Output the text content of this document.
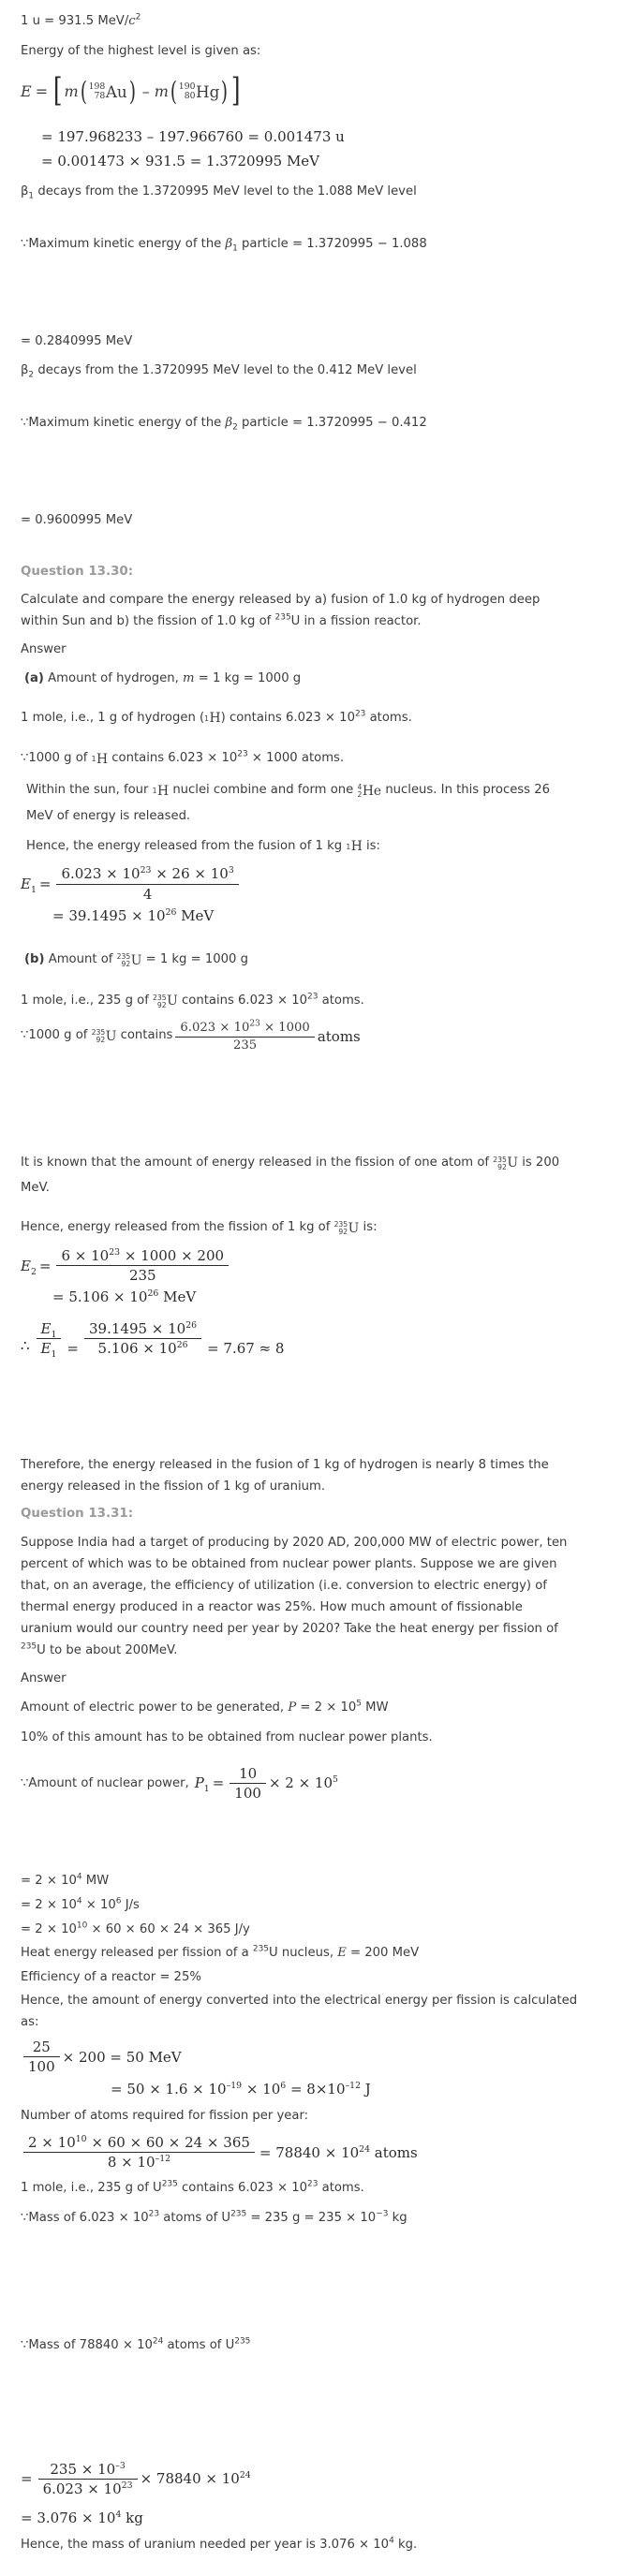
1 u = 931.5 MeV/$c^2$
Energy of the highest level is given as:
E = [ m ( 198
78 Au ) – m ( 190
80 Hg ) ]
= 197.968233 – 197.966760 = 0.001473 u
= 0.001473 × 931.5 = 1.3720995 MeV
$\beta_1$ decays from the 1.3720995 MeV level to the 1.088 MeV level
∵Maximum kinetic energy of the $\beta_1$ particle = 1.3720995 − 1.088
= 0.2840995 MeV
$\beta_2$ decays from the 1.3720995 MeV level to the 0.412 MeV level
∵Maximum kinetic energy of the $\beta_2$ particle = 1.3720995 − 0.412
= 0.9600995 MeV
Question 13.30:
Calculate and compare the energy released by a) fusion of 1.0 kg of hydrogen deep
within Sun and b) the fission of 1.0 kg of $^{235}$U in a fission reactor.
Answer
(a) Amount of hydrogen, m = 1 kg = 1000 g
1 mole, i.e., 1 g of hydrogen ( 1 H) contains $6.023 \times 10^{23}$ atoms.
∵1000 g of 1 H contains $6.023 \times 10^{23} \times 1000$ atoms.
Within the sun, four 1 H nuclei combine and form one 4
2 He nucleus. In this process 26
MeV of energy is released.
Hence, the energy released from the fusion of 1 kg 1 H is:
$E_1 = \frac{6.023 \times 10^{23} \times 26 \times 10^3}{4}$
= $39.1495 \times 10^{26}$ MeV
(b) Amount of 235
92 U = 1 kg = 1000 g
1 mole, i.e., 235 g of 235
92 U contains $6.023 \times 10^{23}$ atoms.
∵1000 g of 235
92 U contains $\frac{6.023 \times 10^{23} \times 1000}{235}$ atoms
It is known that the amount of energy released in the fission of one atom of 235
92 U is 200
MeV.
Hence, energy released from the fission of 1 kg of 235
92 U is:
$E_2 = \frac{6 \times 10^{23} \times 1000 \times 200}{235}$
= $5.106 \times 10^{26}$ MeV
∴ $\frac{E_1}{E_1} = \frac{39.1495 \times 10^{26}}{5.106 \times 10^{26}} = 7.67 \approx 8$
Therefore, the energy released in the fusion of 1 kg of hydrogen is nearly 8 times the
energy released in the fission of 1 kg of uranium.
Question 13.31:
Suppose India had a target of producing by 2020 AD, 200,000 MW of electric power, ten
percent of which was to be obtained from nuclear power plants. Suppose we are given
that, on an average, the efficiency of utilization (i.e. conversion to electric energy) of
thermal energy produced in a reactor was 25%. How much amount of fissionable
uranium would our country need per year by 2020? Take the heat energy per fission of
$^{235}$U to be about 200MeV.
Answer
Amount of electric power to be generated, $P = 2 \times 10^5$ MW
10% of this amount has to be obtained from nuclear power plants.
∵Amount of nuclear power, $P_1 = \frac{10}{100} \times 2 \times 10^5$
= $2 \times 10^4$ MW
= $2 \times 10^4 \times 10^6$ J/s
= $2 \times 10^{10} \times 60 \times 60 \times 24 \times 365$ J/y
Heat energy released per fission of a $^{235}$U nucleus, E = 200 MeV
Efficiency of a reactor = 25%
Hence, the amount of energy converted into the electrical energy per fission is calculated
as:
$\frac{25}{100} \times 200 = 50$ MeV
= $50 \times 1.6 \times 10^{-19} \times 10^6 = 8\times 10^{-12}$ J
Number of atoms required for fission per year:
$\frac{2 \times 10^{10} \times 60 \times 60 \times 24 \times 365}{8 \times 10^{-12}} = 78840 \times 10^{24}$ atoms
1 mole, i.e., 235 g of $U^{235}$ contains $6.023 \times 10^{23}$ atoms.
∵Mass of $6.023 \times 10^{23}$ atoms of $U^{235} = 235$ $g = 235 \times 10^{-3}$ kg
∵Mass of $78840 \times 10^{24}$ atoms of $U^{235}$
= $\frac{235 \times 10^{-3}}{6.023 \times 10^{23}} \times 78840 \times 10^{24}$
= $3.076 \times 10^4$ kg
Hence, the mass of uranium needed per year is $3.076 \times 10^4$ kg.
